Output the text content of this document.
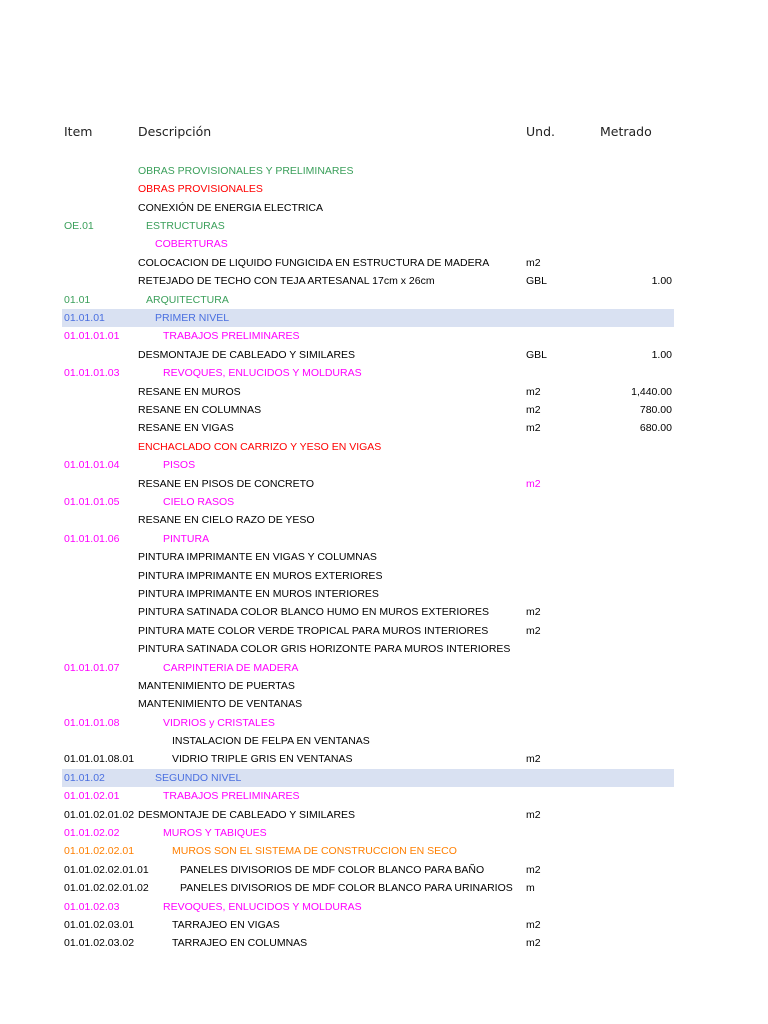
Item	Descripción	Und.	Metrado
OBRAS PROVISIONALES Y PRELIMINARES
OBRAS PROVISIONALES
CONEXIÓN DE ENERGIA ELECTRICA
OE.01	ESTRUCTURAS
COBERTURAS
COLOCACION DE LIQUIDO FUNGICIDA EN ESTRUCTURA DE MADERA	m2
RETEJADO DE TECHO CON TEJA ARTESANAL 17cm x 26cm	GBL	1.00
01.01	ARQUITECTURA
01.01.01	PRIMER NIVEL
01.01.01.01	TRABAJOS PRELIMINARES
DESMONTAJE DE CABLEADO Y SIMILARES	GBL	1.00
01.01.01.03	REVOQUES, ENLUCIDOS Y MOLDURAS
RESANE EN MUROS	m2	1,440.00
RESANE EN COLUMNAS	m2	780.00
RESANE EN VIGAS	m2	680.00
ENCHACLADO CON CARRIZO Y YESO EN VIGAS
01.01.01.04	PISOS
RESANE EN PISOS DE CONCRETO	m2
01.01.01.05	CIELO RASOS
RESANE EN CIELO RAZO DE YESO
01.01.01.06	PINTURA
PINTURA IMPRIMANTE EN VIGAS Y COLUMNAS
PINTURA IMPRIMANTE EN MUROS EXTERIORES
PINTURA IMPRIMANTE EN MUROS INTERIORES
PINTURA SATINADA COLOR BLANCO HUMO EN MUROS EXTERIORES	m2
PINTURA MATE COLOR VERDE TROPICAL PARA MUROS INTERIORES	m2
PINTURA SATINADA COLOR GRIS HORIZONTE PARA MUROS INTERIORES
01.01.01.07	CARPINTERIA DE MADERA
MANTENIMIENTO DE PUERTAS
MANTENIMIENTO DE VENTANAS
01.01.01.08	VIDRIOS y CRISTALES
INSTALACION DE FELPA EN VENTANAS
01.01.01.08.01	VIDRIO TRIPLE GRIS EN VENTANAS	m2
01.01.02	SEGUNDO NIVEL
01.01.02.01	TRABAJOS PRELIMINARES
01.01.02.01.02 DESMONTAJE DE CABLEADO Y SIMILARES	m2
01.01.02.02	MUROS Y TABIQUES
01.01.02.02.01	MUROS SON EL SISTEMA DE CONSTRUCCION EN SECO
01.01.02.02.01.01	PANELES DIVISORIOS DE MDF COLOR BLANCO PARA BAÑO	m2
01.01.02.02.01.02	PANELES DIVISORIOS DE MDF COLOR BLANCO PARA URINARIOS m
01.01.02.03	REVOQUES, ENLUCIDOS Y MOLDURAS
01.01.02.03.01	TARRAJEO EN VIGAS	m2
01.01.02.03.02	TARRAJEO EN COLUMNAS	m2
